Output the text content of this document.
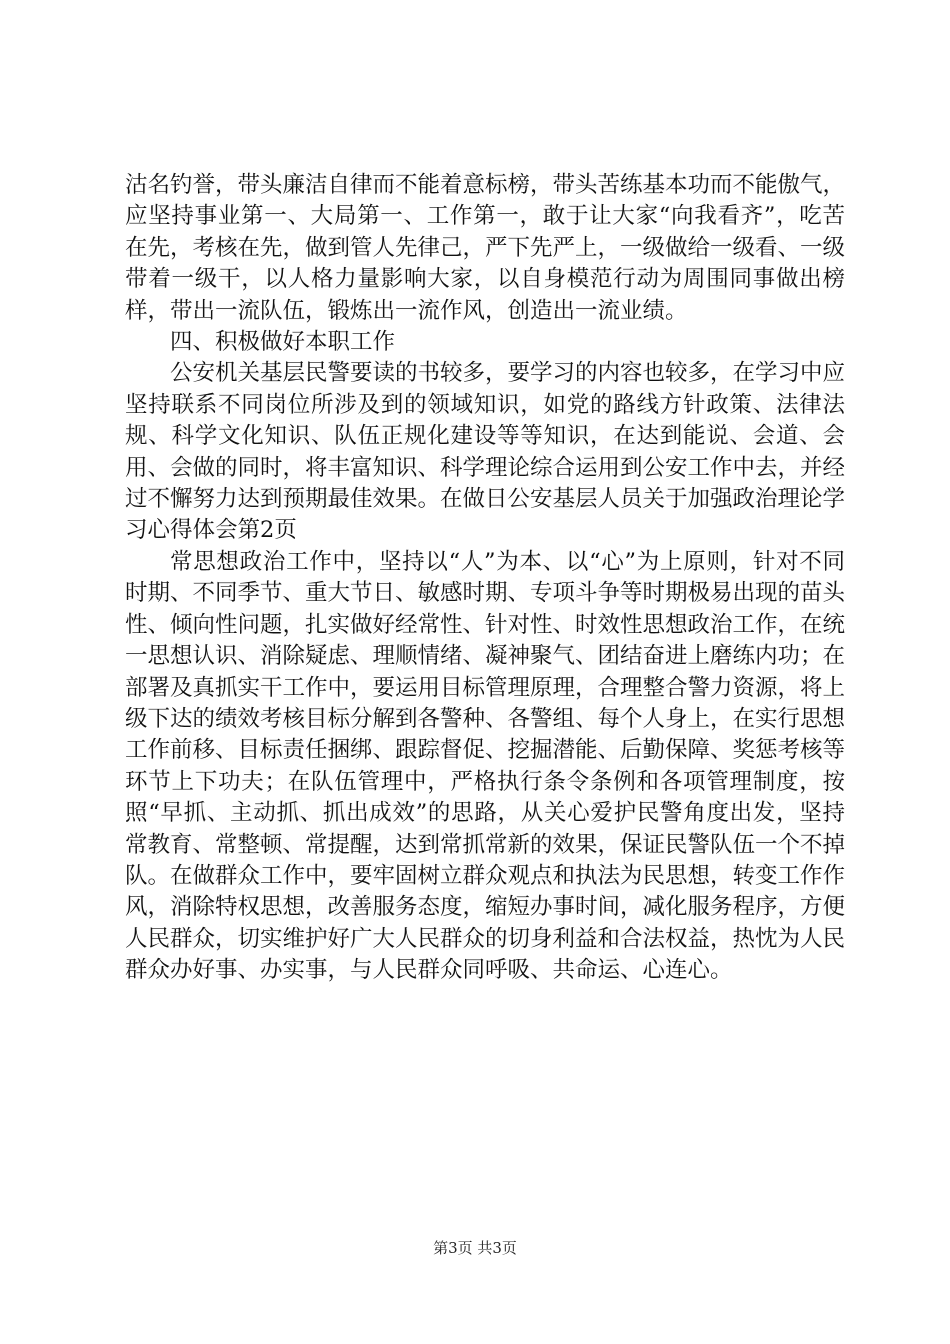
沽名钓誉，带头廉洁自律而不能着意标榜，带头苦练基本功而不能傲气，应坚持事业第一、大局第一、工作第一，敢于让大家“向我看齐”，吃苦在先，考核在先，做到管人先律己，严下先严上，一级做给一级看、一级带着一级干，以人格力量影响大家，以自身模范行动为周围同事做出榜样，带出一流队伍，锻炼出一流作风，创造出一流业绩。

四、积极做好本职工作

公安机关基层民警要读的书较多，要学习的内容也较多，在学习中应坚持联系不同岗位所涉及到的领域知识，如党的路线方针政策、法律法规、科学文化知识、队伍正规化建设等等知识，在达到能说、会道、会用、会做的同时，将丰富知识、科学理论综合运用到公安工作中去，并经过不懈努力达到预期最佳效果。在做日公安基层人员关于加强政治理论学习心得体会第2页

常思想政治工作中，坚持以“人”为本、以“心”为上原则，针对不同时期、不同季节、重大节日、敏感时期、专项斗争等时期极易出现的苗头性、倾向性问题，扎实做好经常性、针对性、时效性思想政治工作，在统一思想认识、消除疑虑、理顺情绪、凝神聚气、团结奋进上磨练内功；在部署及真抓实干工作中，要运用目标管理原理，合理整合警力资源，将上级下达的绩效考核目标分解到各警种、各警组、每个人身上，在实行思想工作前移、目标责任捆绑、跟踪督促、挖掘潜能、后勤保障、奖惩考核等环节上下功夫；在队伍管理中，严格执行条令条例和各项管理制度，按照“早抓、主动抓、抓出成效”的思路，从关心爱护民警角度出发，坚持常教育、常整顿、常提醒，达到常抓常新的效果，保证民警队伍一个不掉队。在做群众工作中，要牢固树立群众观点和执法为民思想，转变工作作风，消除特权思想，改善服务态度，缩短办事时间，减化服务程序，方便人民群众，切实维护好广大人民群众的切身利益和合法权益，热忱为人民群众办好事、办实事，与人民群众同呼吸、共命运、心连心。

第3页 共3页
